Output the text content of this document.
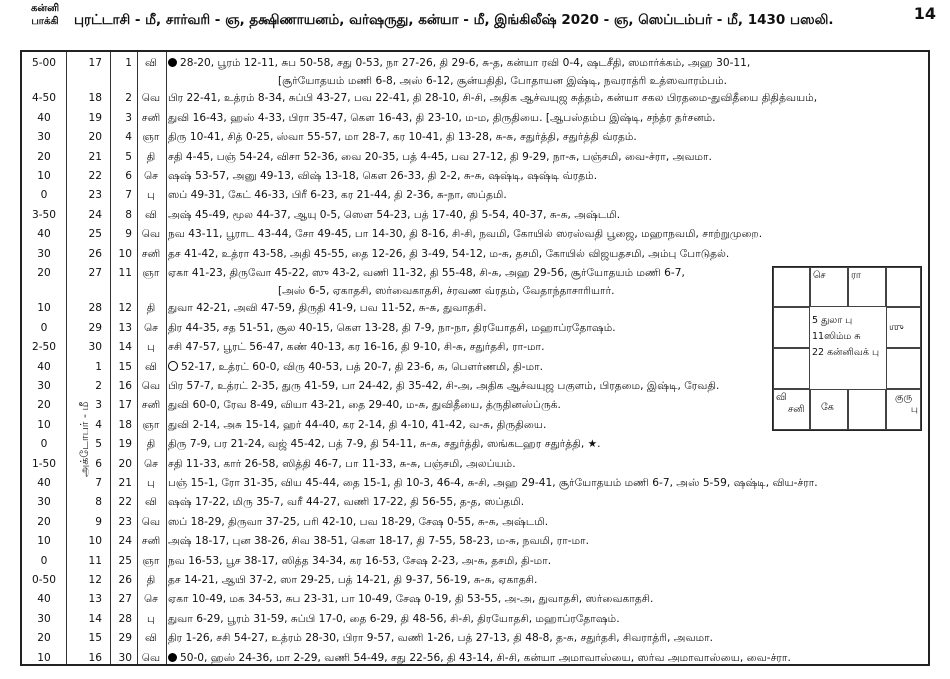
கன்னி
பாக்கி	புரட்டாசி - மீ, சார்வரி - ஞ, தக்ஷிணாயனம், வர்ஷருது, கன்யா - மீ, இங்கிலீஷ் 2020 - ஞ, ஸெப்டம்பர் - மீ, 1430 பஸலி.	14
அக்டோபர் - மீ
5-00	17	1	வி	28-20, பூரம் 12-11, சுப 50-58, சது 0-53, நா 27-26, தி 29-6, சு-த, கன்யா ரவி 0-4, ஷடசீதி, ஸமார்க்கம், அஹ 30-11,
[சூர்யோதயம் மணி 6-8, அஸ் 6-12, சூன்யதிதி, போதாயன இஷ்டி, நவராத்ரி உத்ஸவாரம்பம்.
4-50	18	2 வெ பிர 22-41, உத்ரம் 8-34, சுப்பி 43-27, பவ 22-41, தி 28-10, சி-சி, அதிக ஆச்வயுஜ சுத்தம், கன்யா சகல பிரதமை-துவிதீயை திதித்வயம்,
40	19	3 சனி துவி 16-43, ஹஸ் 4-33, பிரா 35-47, கௌ 16-43, தி 23-10, ம-ம, திருதியை. [ஆபஸ்தம்ப இஷ்டி, சந்த்ர தர்சனம்.
30	20	4 ஞா திரு 10-41, சித் 0-25, ஸ்வா 55-57, மா 28-7, கர 10-41, தி 13-28, சு-சு, சதுர்த்தி, சதுர்த்தி வ்ரதம்.
20	21	5	தி	சதி 4-45, பஞ் 54-24, விசா 52-36, வை 20-35, பத் 4-45, பவ 27-12, தி 9-29, நா-சு, பஞ்சமி, வை-ச்ரா, அவமா.
10	22	6	செ ஷஷ் 53-57, அனு 49-13, விஷ் 13-18, கௌ 26-33, தி 2-2, சு-சு, ஷஷ்டி, ஷஷ்டி வ்ரதம்.
0	23	7	பு	ஸப் 49-31, கேட் 46-33, பிரீ 6-23, கர 21-44, தி 2-36, சு-நா, ஸப்தமி.
3-50	24	8	வி	அஷ் 45-49, மூல 44-37, ஆயு 0-5, ஸௌ 54-23, பத் 17-40, தி 5-54, 40-37, சு-சு, அஷ்டமி.
40	25	9 வெ நவ 43-11, பூராட 43-44, சோ 49-45, பா 14-30, தி 8-16, சி-சி, நவமி, கோயில் ஸரஸ்வதி பூஜை, மஹாநவமி, சாற்றுமுறை.
30	26	10 சனி தச 41-42, உத்ரா 43-58, அதி 45-55, தை 12-26, தி 3-49, 54-12, ம-சு, தசமி, கோயில் விஜயதசமி, அம்பு போடுதல்.
20	27	11 ஞா ஏகா 41-23, திருவோ 45-22, ஸு 43-2, வணி 11-32, தி 55-48, சி-சு, அஹ 29-56, சூர்யோதயம் மணி 6-7,
[அஸ் 6-5, ஏகாதசி, ஸர்வைகாதசி, ச்ரவண வ்ரதம், வேதாந்தாசாரியார்.
10	28	12	தி	துவா 42-21, அவி 47-59, திருதி 41-9, பவ 11-52, சு-சு, துவாதசி.
0	29	13	செ திர 44-35, சத 51-51, சூல 40-15, கௌ 13-28, தி 7-9, நா-நா, திரயோதசி, மஹாப்ரதோஷம்.
2-50	30	14	பு	சசி 47-57, பூரட் 56-47, கண் 40-13, கர 16-16, தி 9-10, சி-சு, சதுர்தசி, ரா-மா.
40	1	15	வி	52-17, உத்ரட் 60-0, விரு 40-53, பத் 20-7, தி 23-6, சு, பௌர்ணமி, தி-மா.
30	2	16 வெ பிர 57-7, உத்ரட் 2-35, துரு 41-59, பா 24-42, தி 35-42, சி-அ, அதிக ஆச்வயுஜ பகுளம், பிரதமை, இஷ்டி, ரேவதி.
20	3	17 சனி துவி 60-0, ரேவ 8-49, வியா 43-21, தை 29-40, ம-சு, துவிதீயை, த்ருதினஸ்ப்ருக்.
10	4	18 ஞா துவி 2-14, அசு 15-14, ஹர் 44-40, கர 2-14, தி 4-10, 41-42, வ-சு, திருதியை.
0	5	19	தி	திரு 7-9, பர 21-24, வஜ் 45-42, பத் 7-9, தி 54-11, சு-சு, சதுர்த்தி, ஸங்கடஹர சதுர்த்தி, ★.
1-50	6	20	செ சதி 11-33, கார் 26-58, ஸித்தி 46-7, பா 11-33, சு-சு, பஞ்சமி, அலப்யம்.
40	7	21	பு	பஞ் 15-1, ரோ 31-35, விய 45-44, தை 15-1, தி 10-3, 46-4, சு-சி, அஹ 29-41, சூர்யோதயம் மணி 6-7, அஸ் 5-59, ஷஷ்டி, விய-ச்ரா.
30	8	22	வி	ஷஷ் 17-22, மிரு 35-7, வரீ 44-27, வணி 17-22, தி 56-55, த-த, ஸப்தமி.
20	9	23 வெ ஸப் 18-29, திருவா 37-25, பரி 42-10, பவ 18-29, சேஷ 0-55, சு-சு, அஷ்டமி.
10	10	24 சனி அஷ் 18-17, புன 38-26, சிவ 38-51, கௌ 18-17, தி 7-55, 58-23, ம-சு, நவமி, ரா-மா.
0	11	25 ஞா நவ 16-53, பூச 38-17, ஸித்த 34-34, கர 16-53, சேஷ 2-23, அ-சு, தசமி, தி-மா.
0-50	12	26	தி	தச 14-21, ஆயி 37-2, ஸா 29-25, பத் 14-21, தி 9-37, 56-19, சு-சு, ஏகாதசி.
40	13	27	செ ஏகா 10-49, மக 34-53, சுப 23-31, பா 10-49, சேஷ 0-19, தி 53-55, அ-அ, துவாதசி, ஸர்வைகாதசி.
30	14	28	பு	துவா 6-29, பூரம் 31-59, சுப்பி 17-0, தை 6-29, தி 48-56, சி-சி, திரயோதசி, மஹாப்ரதோஷம்.
20	15	29	வி	திர 1-26, சசி 54-27, உத்ரம் 28-30, பிரா 9-57, வணி 1-26, பத் 27-13, தி 48-8, த-சு, சதுர்தசி, சிவராத்ரி, அவமா.
10	16	30 வெ	50-0, ஹஸ் 24-36, மா 2-29, வணி 54-49, சது 22-56, தி 43-14, சி-சி, கன்யா அமாவாஸ்யை, ஸர்வ அமாவாஸ்யை, வை-ச்ரா.
செ	ரா
ஶு
வி
சனி	கே
குரு
பு
5 துலா பு
11ஸிம்ம சு
22 கன்னிவக் பு
